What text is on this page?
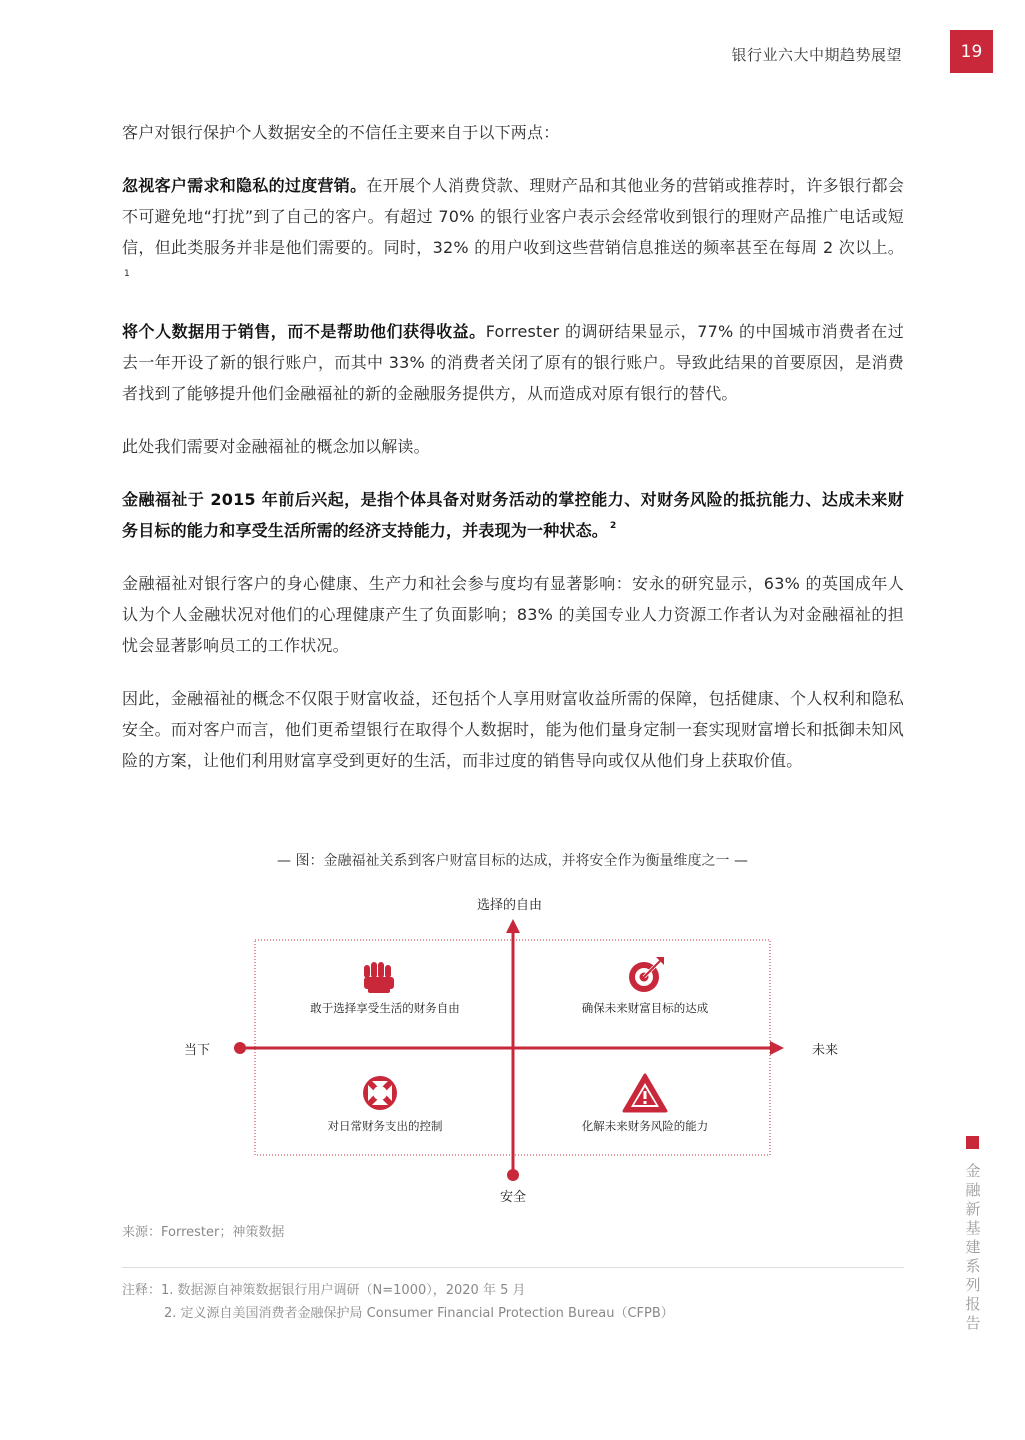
银行业六大中期趋势展望	19

客户对银行保护个人数据安全的不信任主要来自于以下两点：

忽视客户需求和隐私的过度营销。在开展个人消费贷款、理财产品和其他业务的营销或推荐时，许多银行都会不可避免地“打扰”到了自己的客户。有超过 70% 的银行业客户表示会经常收到银行的理财产品推广电话或短信，但此类服务并非是他们需要的。同时，32% 的用户收到这些营销信息推送的频率甚至在每周 2 次以上。$^1$

将个人数据用于销售，而不是帮助他们获得收益。Forrester 的调研结果显示，77% 的中国城市消费者在过去一年开设了新的银行账户，而其中 33% 的消费者关闭了原有的银行账户。导致此结果的首要原因，是消费者找到了能够提升他们金融福祉的新的金融服务提供方，从而造成对原有银行的替代。

此处我们需要对金融福祉的概念加以解读。

金融福祉于 2015 年前后兴起，是指个体具备对财务活动的掌控能力、对财务风险的抵抗能力、达成未来财务目标的能力和享受生活所需的经济支持能力，并表现为一种状态。 $^2$

金融福祉对银行客户的身心健康、生产力和社会参与度均有显著影响：安永的研究显示，63% 的英国成年人认为个人金融状况对他们的心理健康产生了负面影响；83% 的美国专业人力资源工作者认为对金融福祉的担忧会显著影响员工的工作状况。

因此，金融福祉的概念不仅限于财富收益，还包括个人享用财富收益所需的保障，包括健康、个人权利和隐私安全。而对客户而言，他们更希望银行在取得个人数据时，能为他们量身定制一套实现财富增长和抵御未知风险的方案，让他们利用财富享受到更好的生活，而非过度的销售导向或仅从他们身上获取价值。

— 图：金融福祉关系到客户财富目标的达成，并将安全作为衡量维度之一 —
选择的自由
安全
当下	未来
敢于选择享受生活的财务自由	确保未来财富目标的达成
对日常财务支出的控制	化解未来财务风险的能力
来源：Forrester；神策数据
注释：1. 数据源自神策数据银行用户调研（N=1000），2020 年 5 月
2. 定义源自美国消费者金融保护局 Consumer Financial Protection Bureau（CFPB）
金融新基建系列报告
